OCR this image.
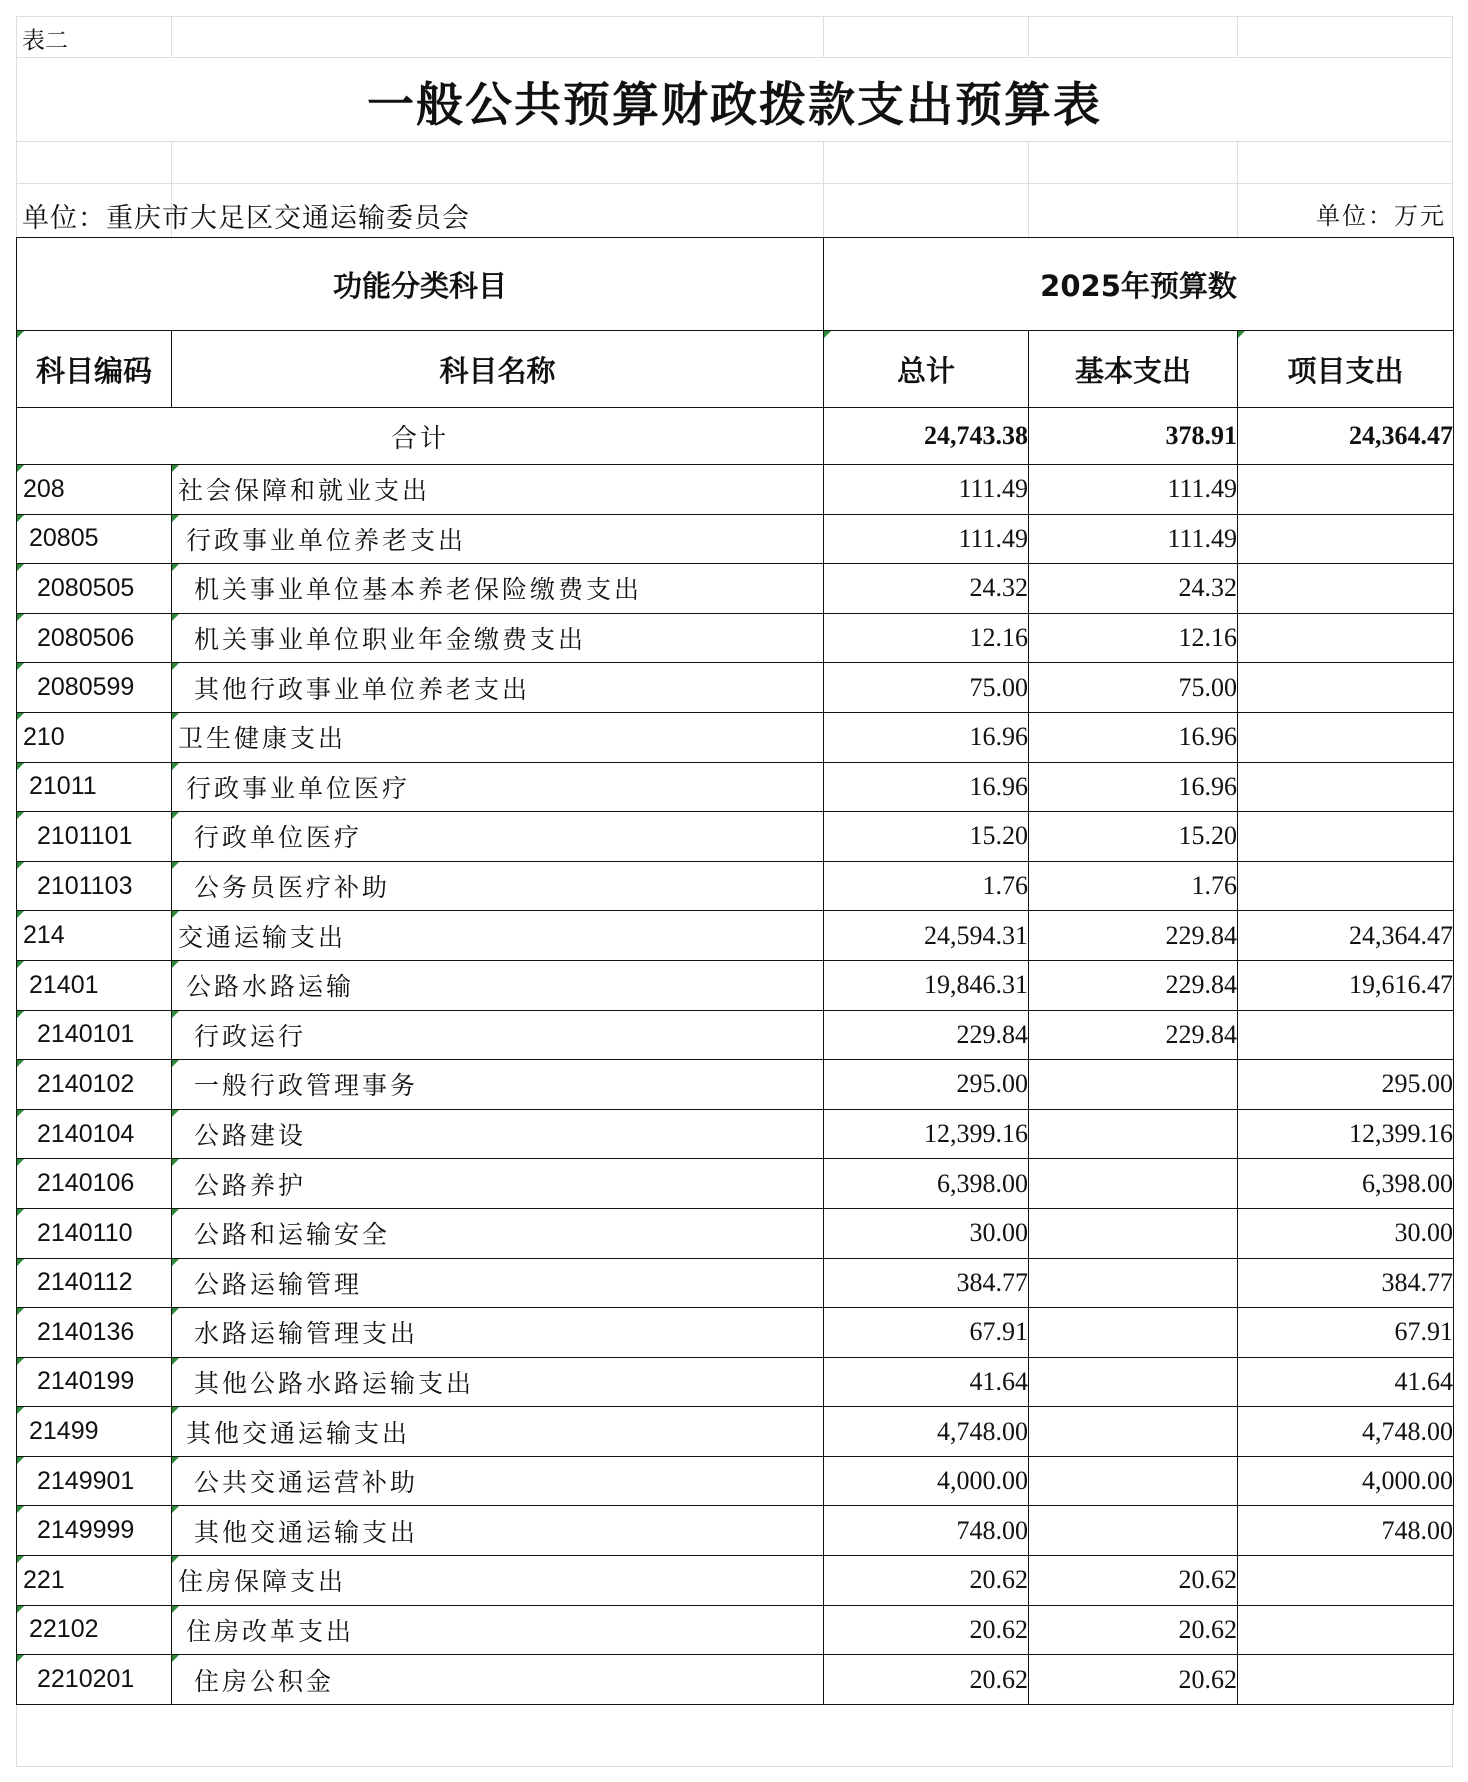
表二
一般公共预算财政拨款支出预算表
单位：重庆市大足区交通运输委员会	单位：万元
功能分类科目		2025年预算数		
科目编码	科目名称	总计	基本支出	项目支出
合计		24,743.38	378.91	24,364.47
208	社会保障和就业支出	111.49	111.49	
20805	行政事业单位养老支出	111.49	111.49	
2080505	机关事业单位基本养老保险缴费支出	24.32	24.32	
2080506	机关事业单位职业年金缴费支出	12.16	12.16	
2080599	其他行政事业单位养老支出	75.00	75.00	
210	卫生健康支出	16.96	16.96	
21011	行政事业单位医疗	16.96	16.96	
2101101	行政单位医疗	15.20	15.20	
2101103	公务员医疗补助	1.76	1.76	
214	交通运输支出	24,594.31	229.84	24,364.47
21401	公路水路运输	19,846.31	229.84	19,616.47
2140101	行政运行	229.84	229.84	
2140102	一般行政管理事务	295.00		295.00
2140104	公路建设	12,399.16		12,399.16
2140106	公路养护	6,398.00		6,398.00
2140110	公路和运输安全	30.00		30.00
2140112	公路运输管理	384.77		384.77
2140136	水路运输管理支出	67.91		67.91
2140199	其他公路水路运输支出	41.64		41.64
21499	其他交通运输支出	4,748.00		4,748.00
2149901	公共交通运营补助	4,000.00		4,000.00
2149999	其他交通运输支出	748.00		748.00
221	住房保障支出	20.62	20.62	
22102	住房改革支出	20.62	20.62	
2210201	住房公积金	20.62	20.62	
